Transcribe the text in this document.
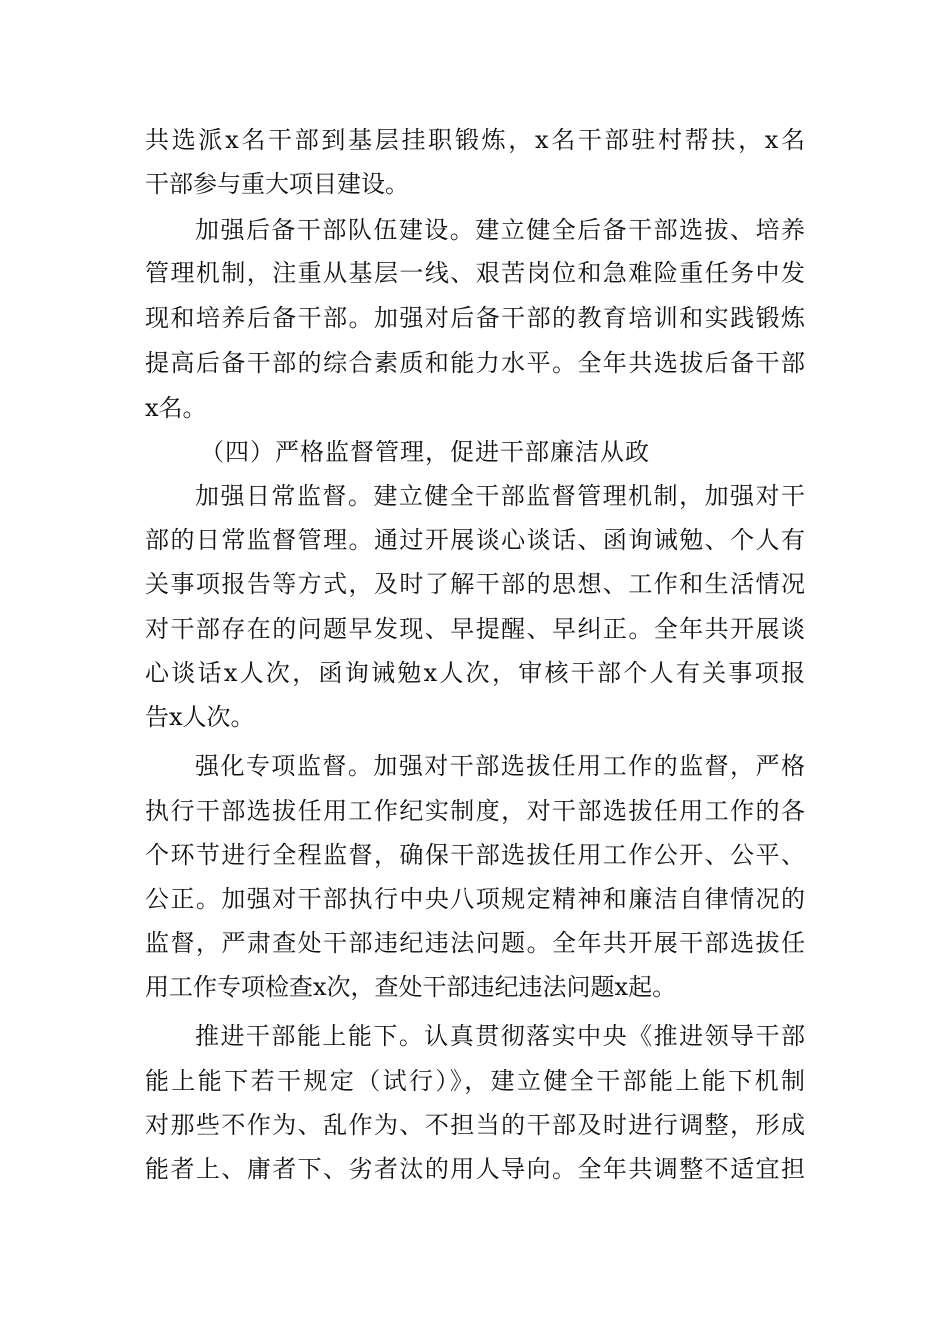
共选派x名干部到基层挂职锻炼，x名干部驻村帮扶，x名
干部参与重大项目建设。
加强后备干部队伍建设。建立健全后备干部选拔、培养
管理机制，注重从基层一线、艰苦岗位和急难险重任务中发
现和培养后备干部。加强对后备干部的教育培训和实践锻炼
提高后备干部的综合素质和能力水平。全年共选拔后备干部
x名。
（四）严格监督管理，促进干部廉洁从政
加强日常监督。建立健全干部监督管理机制，加强对干
部的日常监督管理。通过开展谈心谈话、函询诫勉、个人有
关事项报告等方式，及时了解干部的思想、工作和生活情况
对干部存在的问题早发现、早提醒、早纠正。全年共开展谈
心谈话x人次，函询诫勉x人次，审核干部个人有关事项报
告x人次。
强化专项监督。加强对干部选拔任用工作的监督，严格
执行干部选拔任用工作纪实制度，对干部选拔任用工作的各
个环节进行全程监督，确保干部选拔任用工作公开、公平、
公正。加强对干部执行中央八项规定精神和廉洁自律情况的
监督，严肃查处干部违纪违法问题。全年共开展干部选拔任
用工作专项检查x次，查处干部违纪违法问题x起。
推进干部能上能下。认真贯彻落实中央《推进领导干部
能上能下若干规定（试行）》，建立健全干部能上能下机制
对那些不作为、乱作为、不担当的干部及时进行调整，形成
能者上、庸者下、劣者汰的用人导向。全年共调整不适宜担
